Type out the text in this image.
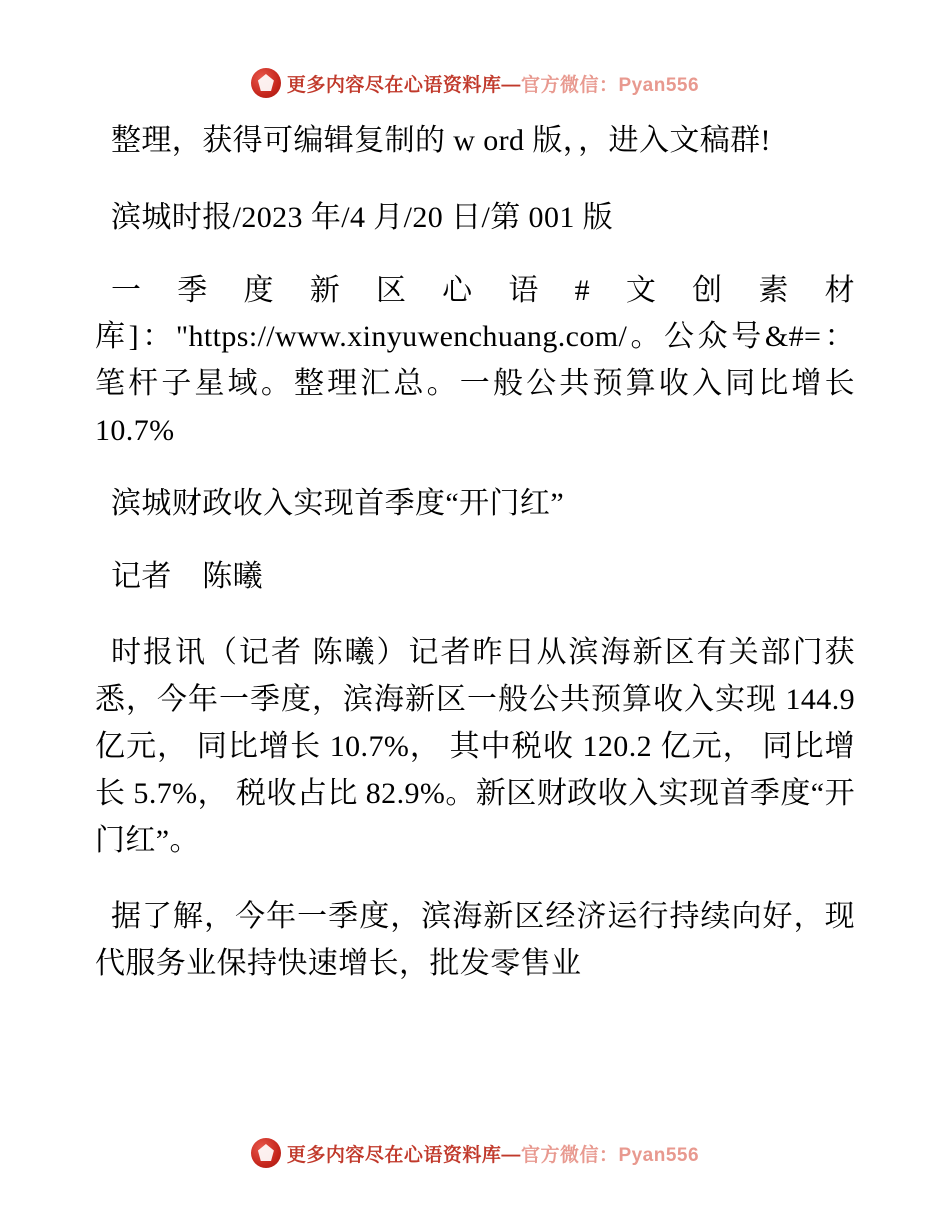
更多内容尽在心语资料库—官方微信：Pyan556

整理，获得可编辑复制的 w ord 版，，进入文稿群!

滨城时报/2023 年/4 月/20 日/第 001 版

一季度新区心语#文创素材库]："https://www.xinyuwenchuang.com/。公众号&#=：笔杆子星域。整理汇总。一般公共预算收入同比增长 10.7%

滨城财政收入实现首季度“开门红”

记者　陈曦

时报讯（记者 陈曦）记者昨日从滨海新区有关部门获悉，今年一季度，滨海新区一般公共预算收入实现 144.9 亿元， 同比增长 10.7%， 其中税收 120.2 亿元， 同比增长 5.7%， 税收占比 82.9%。新区财政收入实现首季度“开门红”。

据了解，今年一季度，滨海新区经济运行持续向好，现代服务业保持快速增长，批发零售业

更多内容尽在心语资料库—官方微信：Pyan556
